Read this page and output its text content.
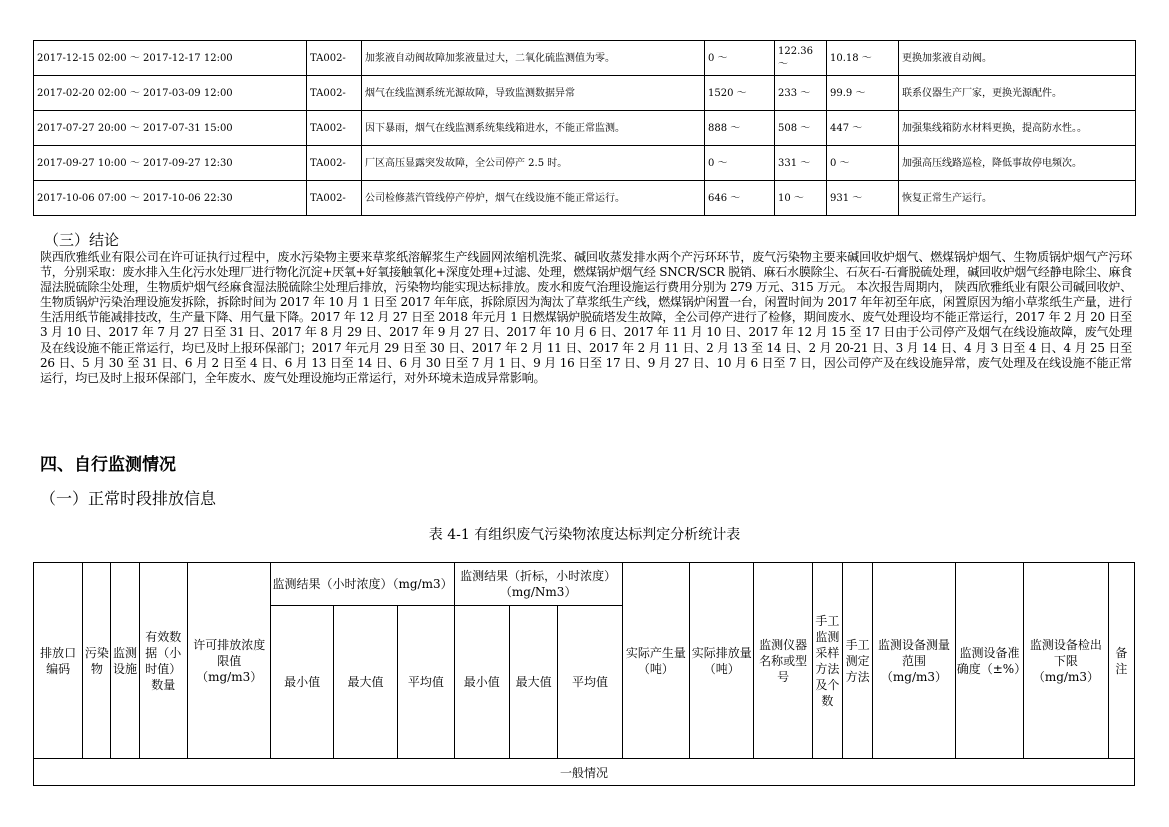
2017-12-15 02:00 ～ 2017-12-17 12:00	TA002-	加浆液自动阀故障加浆液量过大，二氧化硫监测值为零。	0 ～	122.36 ～	10.18 ～	更换加浆液自动阀。
2017-02-20 02:00 ～ 2017-03-09 12:00	TA002-	烟气在线监测系统光源故障，导致监测数据异常	1520 ～	233 ～	99.9 ～	联系仪器生产厂家，更换光源配件。
2017-07-27 20:00 ～ 2017-07-31 15:00	TA002-	因下暴雨，烟气在线监测系统集线箱进水，不能正常监测。	888 ～	508 ～	447 ～	加强集线箱防水材料更换，提高防水性。。
2017-09-27 10:00 ～ 2017-09-27 12:30	TA002-	厂区高压显露突发故障，全公司停产 2.5 时。	0 ～	331 ～	0 ～	加强高压线路巡检，降低事故停电频次。
2017-10-06 07:00 ～ 2017-10-06 22:30	TA002-	公司检修蒸汽管线停产停炉，烟气在线设施不能正常运行。	646 ～	10 ～	931 ～	恢复正常生产运行。
（三）结论
陕西欣雅纸业有限公司在许可证执行过程中，废水污染物主要来草浆纸溶解浆生产线圆网浓缩机洗浆、碱回收蒸发排水两个产污环环节，废气污染物主要来碱回收炉烟气、燃煤锅炉烟气、生物质锅炉烟气产污环节，分别采取：废水排入生化污水处理厂进行物化沉淀+厌氧+好氧接触氧化+深度处理+过滤、处理，燃煤锅炉烟气经 SNCR/SCR 脱销、麻石水膜除尘、石灰石-石膏脱硫处理，碱回收炉烟气经静电除尘、麻食湿法脱硫除尘处理，生物质炉烟气经麻食湿法脱硫除尘处理后排放，污染物均能实现达标排放。废水和废气治理设施运行费用分别为 279 万元、315 万元。 本次报告周期内， 陕西欣雅纸业有限公司碱回收炉、生物质锅炉污染治理设施发拆除，拆除时间为 2017 年 10 月 1 日至 2017 年年底，拆除原因为淘汰了草浆纸生产线，燃煤锅炉闲置一台，闲置时间为 2017 年年初至年底，闲置原因为缩小草浆纸生产量，进行生活用纸节能减排技改，生产量下降、用气量下降。2017 年 12 月 27 日至 2018 年元月 1 日燃煤锅炉脱硫塔发生故障，全公司停产进行了检修，期间废水、废气处理设均不能正常运行，2017 年 2 月 20 日至 3 月 10 日、2017 年 7 月 27 日至 31 日、2017 年 8 月 29 日、2017 年 9 月 27 日、2017 年 10 月 6 日、2017 年 11 月 10 日、2017 年 12 月 15 至 17 日由于公司停产及烟气在线设施故障，废气处理及在线设施不能正常运行，均已及时上报环保部门；2017 年元月 29 日至 30 日、2017 年 2 月 11 日、2017 年 2 月 11 日、2 月 13 至 14 日、2 月 20-21 日、3 月 14 日、4 月 3 日至 4 日、4 月 25 日至 26 日、5 月 30 至 31 日、6 月 2 日至 4 日、6 月 13 日至 14 日、6 月 30 日至 7 月 1 日、9 月 16 日至 17 日、9 月 27 日、10 月 6 日至 7 日，因公司停产及在线设施异常，废气处理及在线设施不能正常运行，均已及时上报环保部门，全年废水、废气处理设施均正常运行，对外环境未造成异常影响。
四、自行监测情况
（一）正常时段排放信息
表 4-1 有组织废气污染物浓度达标判定分析统计表
排放口编码	污染物	监测设施	有效数据（小时值）数量	许可排放浓度限值（mg/m3）	监测结果（小时浓度）（mg/m3）			监测结果（折标，小时浓度）（mg/Nm3）			实际产生量（吨）	实际排放量（吨）	监测仪器名称或型号	手工监测采样方法及个数	手工测定方法	监测设备测量范围（mg/m3）	监测设备准确度（±%）	监测设备检出下限（mg/m3）	备注
					最小值	最大值	平均值	最小值	最大值	平均值									
一般情况																			
